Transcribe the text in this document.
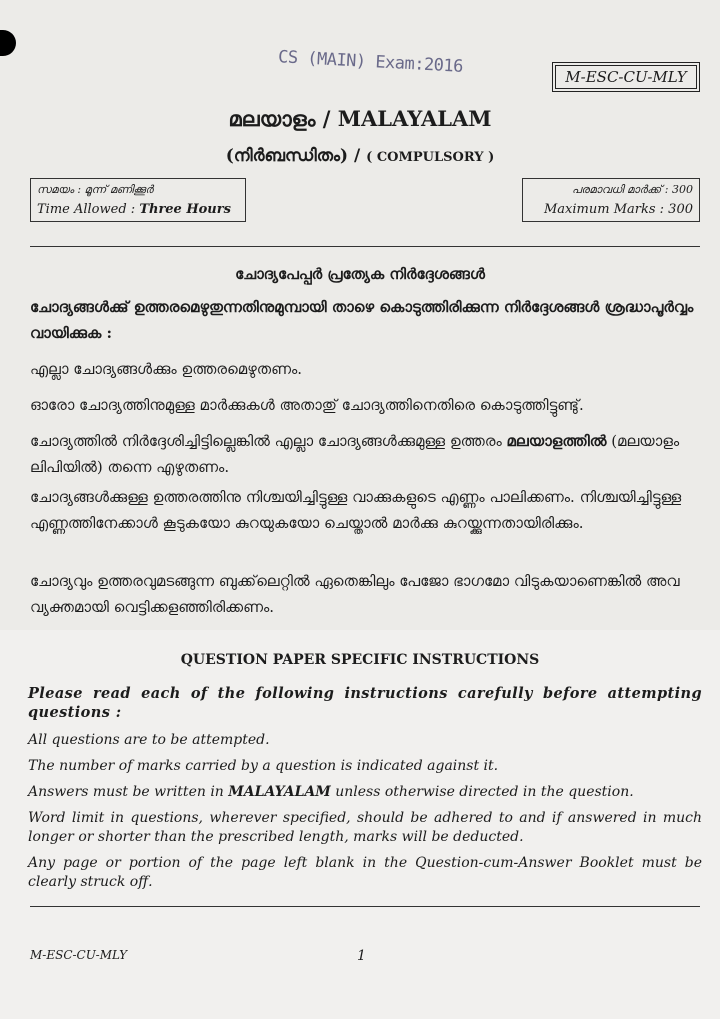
CS (MAIN) Exam:2016
M-ESC-CU-MLY
മലയാളം / MALAYALAM
(നിർബന്ധിതം) / ( COMPULSORY )
സമയം : മൂന്ന് മണിക്കൂർ
Time Allowed : Three Hours
പരമാവധി മാർക്ക് : 300
Maximum Marks : 300
ചോദ്യപേപ്പർ പ്രത്യേക നിർദ്ദേശങ്ങൾ
ചോദ്യങ്ങൾക്കു് ഉത്തരമെഴുതുന്നതിനുമുമ്പായി താഴെ കൊടുത്തിരിക്കുന്ന നിർദ്ദേശങ്ങൾ ശ്രദ്ധാപൂർവ്വം വായിക്കുക :
എല്ലാ ചോദ്യങ്ങൾക്കും ഉത്തരമെഴുതണം.
ഓരോ ചോദ്യത്തിനുമുള്ള മാർക്കുകൾ അതാതു് ചോദ്യത്തിനെതിരെ കൊടുത്തിട്ടുണ്ടു്.
ചോദ്യത്തിൽ നിർദ്ദേശിച്ചിട്ടില്ലെങ്കിൽ എല്ലാ ചോദ്യങ്ങൾക്കുമുള്ള ഉത്തരം മലയാളത്തിൽ (മലയാളം ലിപിയിൽ) തന്നെ എഴുതണം.
ചോദ്യങ്ങൾക്കുള്ള ഉത്തരത്തിനു നിശ്ചയിച്ചിട്ടുള്ള വാക്കുകളുടെ എണ്ണം പാലിക്കണം. നിശ്ചയിച്ചിട്ടുള്ള എണ്ണത്തിനേക്കാൾ കൂടുകയോ കുറയുകയോ ചെയ്താൽ മാർക്കു കുറയ്ക്കുന്നതായിരിക്കും.
ചോദ്യവും ഉത്തരവുമടങ്ങുന്ന ബുക്ക്‌ലെറ്റിൽ ഏതെങ്കിലും പേജോ ഭാഗമോ വിടുകയാണെങ്കിൽ അവ വ്യക്തമായി വെട്ടിക്കളഞ്ഞിരിക്കണം.
QUESTION PAPER SPECIFIC INSTRUCTIONS
Please read each of the following instructions carefully before attempting questions :
All questions are to be attempted.
The number of marks carried by a question is indicated against it.
Answers must be written in MALAYALAM unless otherwise directed in the question.
Word limit in questions, wherever specified, should be adhered to and if answered in much longer or shorter than the prescribed length, marks will be deducted.
Any page or portion of the page left blank in the Question-cum-Answer Booklet must be clearly struck off.
M-ESC-CU-MLY	1
